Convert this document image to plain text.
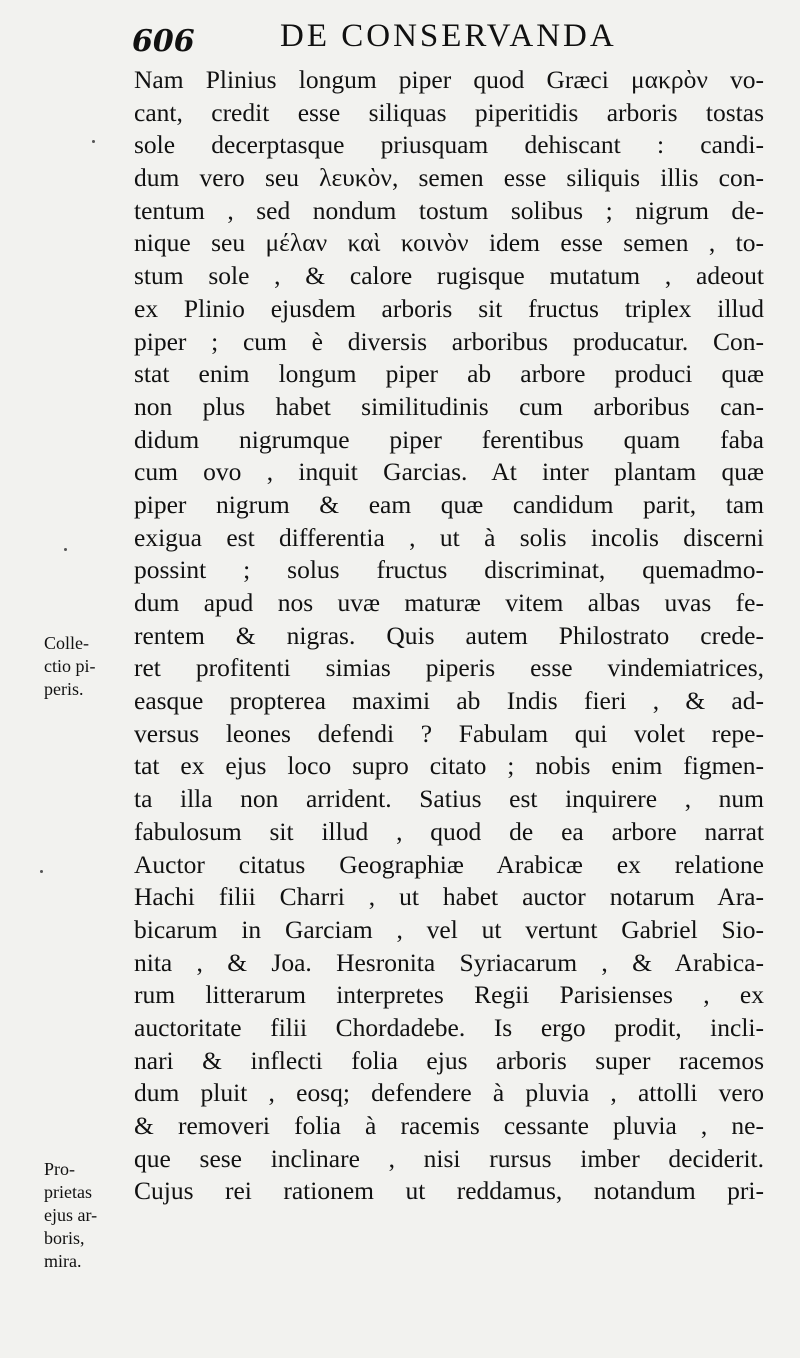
606	DE CONSERVANDA
Nam Plinius longum piper quod Græci μακρὸν vo-
cant, credit esse siliquas piperitidis arboris tostas
sole decerptasque priusquam dehiscant : candi-
dum vero seu λευκὸν, semen esse siliquis illis con-
tentum , sed nondum tostum solibus ; nigrum de-
nique seu μέλαν καὶ κοινὸν idem esse semen , to-
stum sole , & calore rugisque mutatum , adeout
ex Plinio ejusdem arboris sit fructus triplex illud
piper ; cum è diversis arboribus producatur. Con-
stat enim longum piper ab arbore produci quæ
non plus habet similitudinis cum arboribus can-
didum nigrumque piper ferentibus quam faba
cum ovo , inquit Garcias. At inter plantam quæ
piper nigrum & eam quæ candidum parit, tam
exigua est differentia , ut à solis incolis discerni
possint ; solus fructus discriminat, quemadmo-
dum apud nos uvæ maturæ vitem albas uvas fe-
rentem & nigras. Quis autem Philostrato crede-
ret profitenti simias piperis esse vindemiatrices,
easque propterea maximi ab Indis fieri , & ad-
versus leones defendi ? Fabulam qui volet repe-
tat ex ejus loco supro citato ; nobis enim figmen-
ta illa non arrident. Satius est inquirere , num
fabulosum sit illud , quod de ea arbore narrat
Auctor citatus Geographiæ Arabicæ ex relatione
Hachi filii Charri , ut habet auctor notarum Ara-
bicarum in Garciam , vel ut vertunt Gabriel Sio-
nita , & Joa. Hesronita Syriacarum , & Arabica-
rum litterarum interpretes Regii Parisienses , ex
auctoritate filii Chordadebe. Is ergo prodit, incli-
nari & inflecti folia ejus arboris super racemos
dum pluit , eosq; defendere à pluvia , attolli vero
& removeri folia à racemis cessante pluvia , ne-
que sese inclinare , nisi rursus imber deciderit.
Cujus rei rationem ut reddamus, notandum pri-
Colle-
ctio pi-
peris.
Pro-
prietas
ejus ar-
boris,
mira.
